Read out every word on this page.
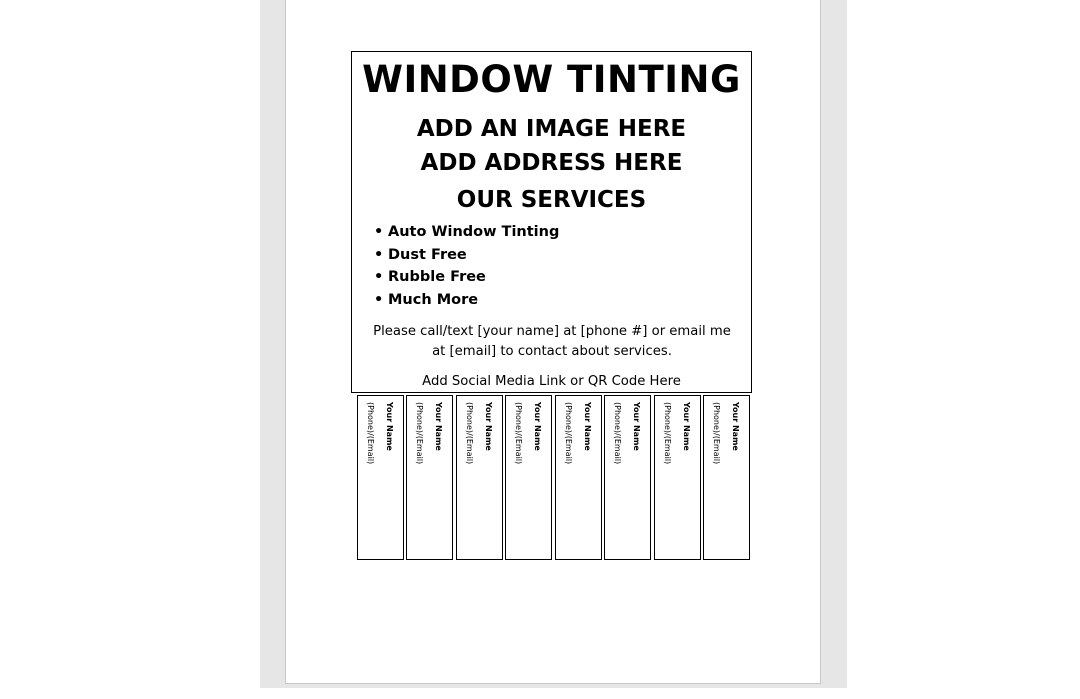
WINDOW TINTING
ADD AN IMAGE HERE
ADD ADDRESS HERE
OUR SERVICES
• Auto Window Tinting
• Dust Free
• Rubble Free
• Much More
Please call/text [your name] at [phone #] or email me at [email] to contact about services.
Add Social Media Link or QR Code Here
Your Name
(Phone)/(Email)	Your Name
(Phone)/(Email)	Your Name
(Phone)/(Email)	Your Name
(Phone)/(Email)	Your Name
(Phone)/(Email)	Your Name
(Phone)/(Email)	Your Name
(Phone)/(Email)	Your Name
(Phone)/(Email)
